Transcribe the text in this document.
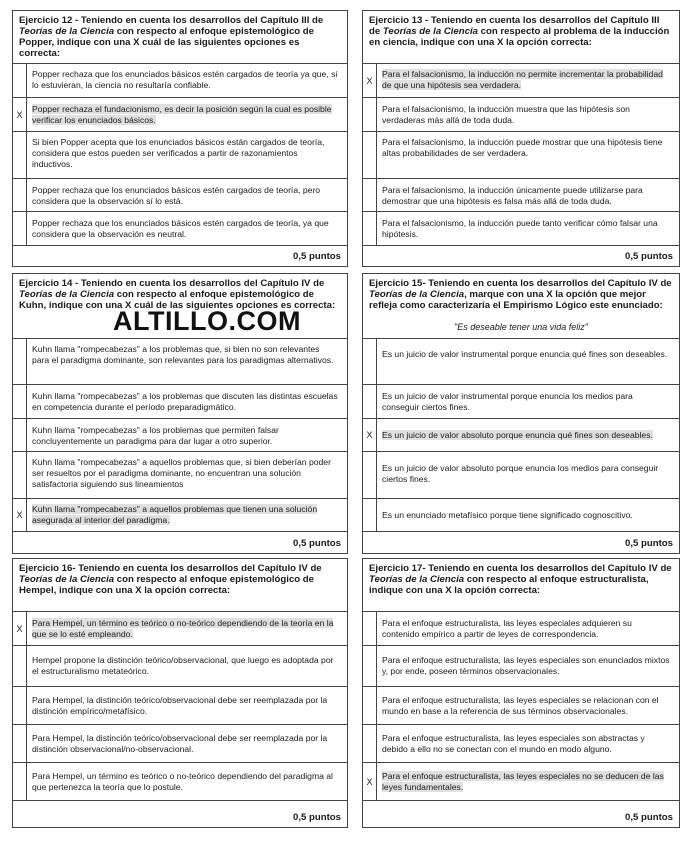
Ejercicio 12 - Teniendo en cuenta los desarrollos del Capítulo III de Teorías de la Ciencia con respecto al enfoque epistemológico de Popper, indique con una X cuál de las siguientes opciones es correcta:
Popper rechaza que los enunciados básicos estén cargados de teoría ya que, si lo estuvieran, la ciencia no resultaría confiable.
X
Popper rechaza el fundacionismo, es decir la posición según la cual es posible verificar los enunciados básicos.
Si bien Popper acepta que los enunciados básicos están cargados de teoría, considera que estos pueden ser verificados a partir de razonamientos inductivos.
Popper rechaza que los enunciados básicos estén cargados de teoría, pero considera que la observación sí lo está.
Popper rechaza que los enunciados básicos estén cargados de teoría, ya que considera que la observación es neutral.
0,5 puntos
Ejercicio 13 - Teniendo en cuenta los desarrollos del Capítulo III de Teorías de la Ciencia con respecto al problema de la inducción en ciencia, indique con una X la opción correcta:
X
Para el falsacionismo, la inducción no permite incrementar la probabilidad de que una hipótesis sea verdadera.
Para el falsacionismo, la inducción muestra que las hipótesis son verdaderas más allá de toda duda.
Para el falsacionismo, la inducción puede mostrar que una hipótesis tiene altas probabilidades de ser verdadera.
Para el falsacionismo, la inducción únicamente puede utilizarse para demostrar que una hipótesis es falsa más allá de toda duda.
Para el falsacionismo, la inducción puede tanto verificar cómo falsar una hipótesis.
0,5 puntos
Ejercicio 14 - Teniendo en cuenta los desarrollos del Capítulo IV de Teorías de la Ciencia con respecto al enfoque epistemológico de Kuhn, indique con una X cuál de las siguientes opciones es correcta:
Kuhn llama "rompecabezas" a los problemas que, si bien no son relevantes para el paradigma dominante, son relevantes para los paradigmas alternativos.
Kuhn llama "rompecabezas" a los problemas que discuten las distintas escuelas en competencia durante el período preparadigmático.
Kuhn llama "rompecabezas" a los problemas que permiten falsar concluyentemente un paradigma para dar lugar a otro superior.
Kuhn llama "rompecabezas" a aquellos problemas que, si bien deberían poder ser resueltos por el paradigma dominante, no encuentran una solución satisfactoria siguiendo sus lineamientos
X
Kuhn llama "rompecabezas" a aquellos problemas que tienen una solución asegurada al interior del paradigma.
0,5 puntos
ALTILLO.COM
Ejercicio 15- Teniendo en cuenta los desarrollos del Capítulo IV de Teorías de la Ciencia, marque con una X la opción que mejor refleja como caracterizaría el Empirismo Lógico este enunciado:
"Es deseable tener una vida feliz"
Es un juicio de valor instrumental porque enuncia qué fines son deseables.
Es un juicio de valor instrumental porque enuncia los medios para conseguir ciertos fines.
X	Es un juicio de valor absoluto porque enuncia qué fines son deseables.
Es un juicio de valor absoluto porque enuncia los medios para conseguir ciertos fines.
Es un enunciado metafísico porque tiene significado cognoscitivo.
0,5 puntos
Ejercicio 16- Teniendo en cuenta los desarrollos del Capítulo IV de Teorías de la Ciencia con respecto al enfoque epistemológico de Hempel, indique con una X la opción correcta:
X
Para Hempel, un término es teórico o no-teórico dependiendo de la teoría en la que se lo esté empleando.
Hempel propone la distinción teórico/observacional, que luego es adoptada por el estructuralismo metateórico.
Para Hempel, la distinción teórico/observacional debe ser reemplazada por la distinción empírico/metafísico.
Para Hempel, la distinción teórico/observacional debe ser reemplazada por la distinción observacional/no-observacional.
Para Hempel, un término es teórico o no-teórico dependiendo del paradigma al que pertenezca la teoría que lo postule.
0,5 puntos
Ejercicio 17- Teniendo en cuenta los desarrollos del Capítulo IV de Teorías de la Ciencia con respecto al enfoque estructuralista, indique con una X la opción correcta:
Para el enfoque estructuralista, las leyes especiales adquieren su contenido empírico a partir de leyes de correspondencia.
Para el enfoque estructuralista, las leyes especiales son enunciados mixtos y, por ende, poseen términos observacionales.
Para el enfoque estructuralista, las leyes especiales se relacionan con el mundo en base a la referencia de sus términos observacionales.
Para el enfoque estructuralista, las leyes especiales son abstractas y debido a ello no se conectan con el mundo en modo alguno.
X
Para el enfoque estructuralista, las leyes especiales no se deducen de las leyes fundamentales.
0,5 puntos
